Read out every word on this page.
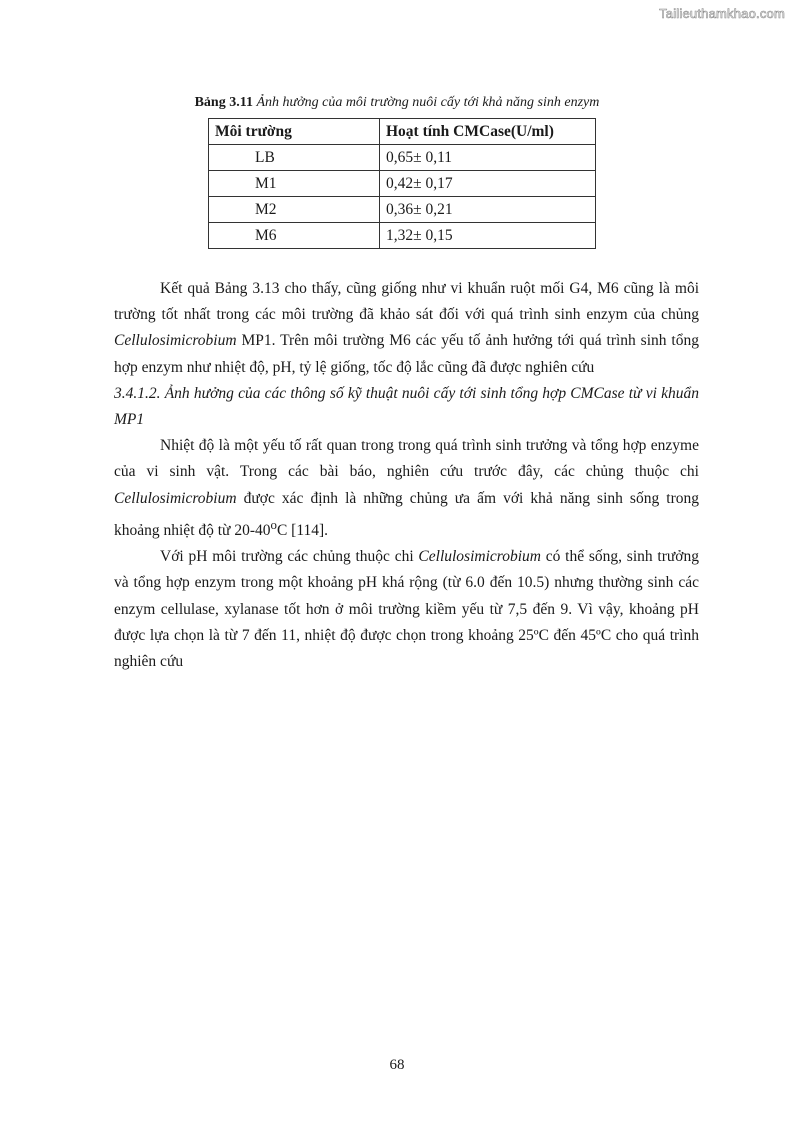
Tailieuthamkhao.com
Bảng 3.11 Ảnh hưởng của môi trường nuôi cấy tới khả năng sinh enzym
Môi trường	Hoạt tính CMCase(U/ml)
LB	0,65± 0,11
M1	0,42± 0,17
M2	0,36± 0,21
M6	1,32± 0,15

Kết quả Bảng 3.13 cho thấy, cũng giống như vi khuẩn ruột mối G4, M6 cũng là môi trường tốt nhất trong các môi trường đã khảo sát đối với quá trình sinh enzym của chủng Cellulosimicrobium MP1. Trên môi trường M6 các yếu tố ảnh hưởng tới quá trình sinh tổng hợp enzym như nhiệt độ, pH, tỷ lệ giống, tốc độ lắc cũng đã được nghiên cứu

3.4.1.2. Ảnh hưởng của các thông số kỹ thuật nuôi cấy tới sinh tổng hợp CMCase từ vi khuẩn MP1

Nhiệt độ là một yếu tố rất quan trong trong quá trình sinh trưởng và tổng hợp enzyme của vi sinh vật. Trong các bài báo, nghiên cứu trước đây, các chủng thuộc chi Cellulosimicrobium được xác định là những chủng ưa ấm với khả năng sinh sống trong khoảng nhiệt độ từ 20-40$^o$C [114].

Với pH môi trường các chủng thuộc chi Cellulosimicrobium có thể sống, sinh trưởng và tổng hợp enzym trong một khoảng pH khá rộng (từ 6.0 đến 10.5) nhưng thường sinh các enzym cellulase, xylanase tốt hơn ở môi trường kiềm yếu từ 7,5 đến 9. Vì vậy, khoảng pH được lựa chọn là từ 7 đến 11, nhiệt độ được chọn trong khoảng 25ºC đến 45ºC cho quá trình nghiên cứu

68
